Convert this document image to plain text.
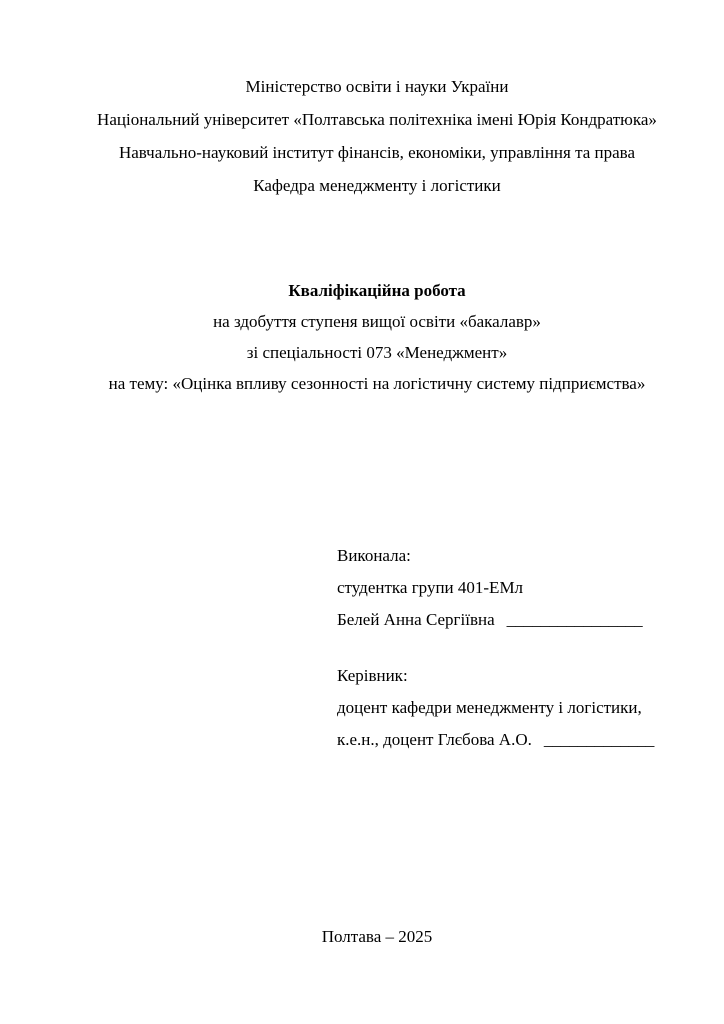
Міністерство освіти і науки України
Національний університет «Полтавська політехніка імені Юрія Кондратюка»
Навчально-науковий інститут фінансів, економіки, управління та права
Кафедра менеджменту і логістики
Кваліфікаційна робота
на здобуття ступеня вищої освіти «бакалавр»
зі спеціальності 073 «Менеджмент»
на тему: «Оцінка впливу сезонності на логістичну систему підприємства»
Виконала:
студентка групи 401-ЕМл
Белей Анна Сергіївна ________________
Керівник:
доцент кафедри менеджменту і логістики,
к.е.н., доцент Глєбова А.О. _____________
Полтава – 2025
